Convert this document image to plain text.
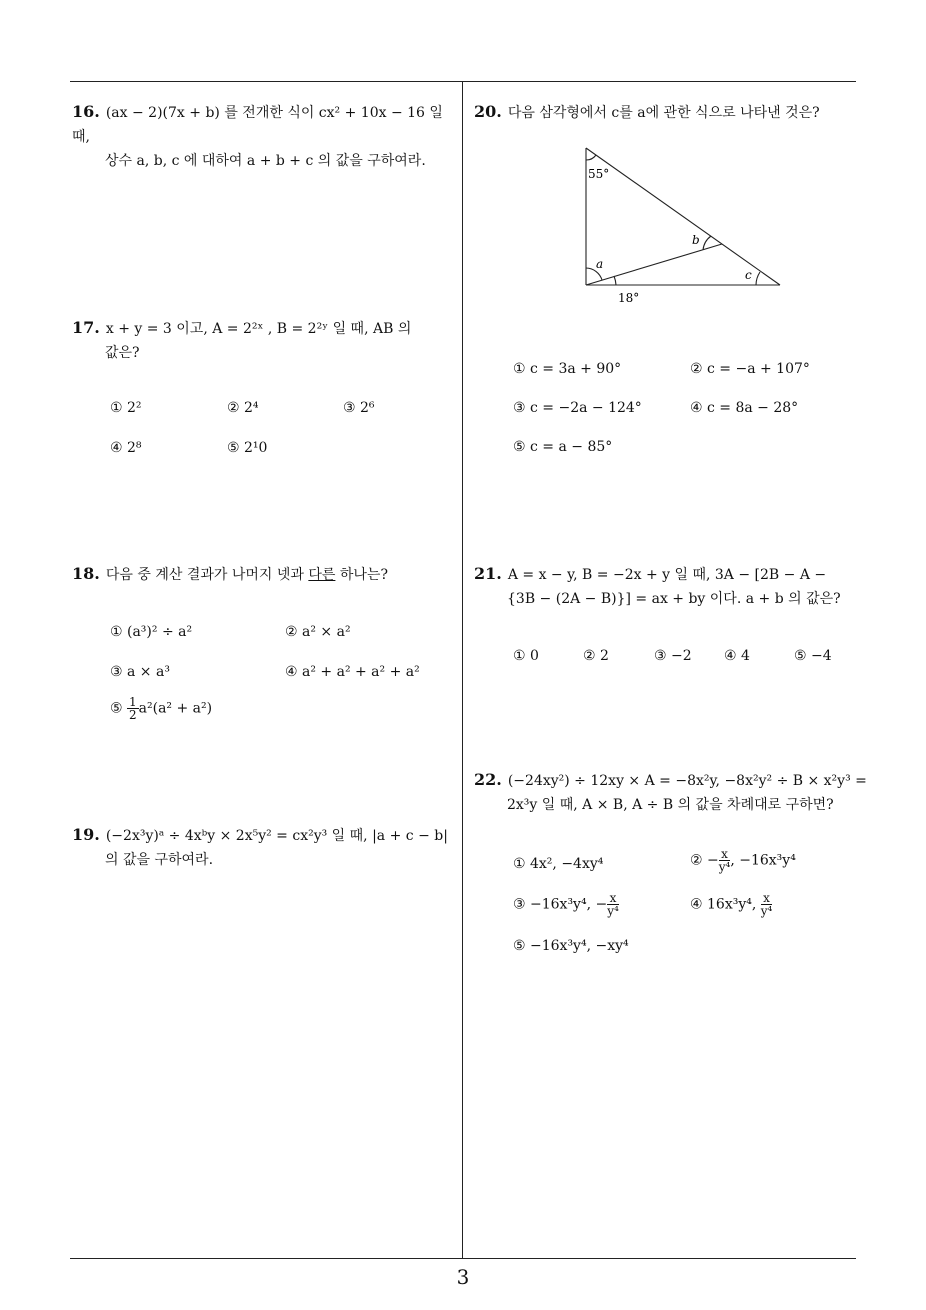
16. (ax − 2)(7x + b) 를 전개한 식이 cx² + 10x − 16 일 때,
상수 a, b, c 에 대하여 a + b + c 의 값을 구하여라.
17. x + y = 3 이고, A = 2²ˣ , B = 2²ʸ 일 때, AB 의
값은?
① 2²	② 2⁴	③ 2⁶
④ 2⁸	⑤ 2¹0
18. 다음 중 계산 결과가 나머지 넷과 다른 하나는?
① (a³)² ÷ a²	② a² × a²
③ a × a³	④ a² + a² + a² + a²
⑤ $\frac{1}{2} a^2(a^2 + a^2)$
19. (−2x³y)ᵃ ÷ 4xᵇy × 2x⁵y² = cx²y³ 일 때, |a + c − b|
의 값을 구하여라.
20. 다음 삼각형에서 c를 a에 관한 식으로 나타낸 것은?
55°
b
a
c
18°
① c = 3a + 90°	② c = −a + 107°
③ c = −2a − 124°	④ c = 8a − 28°
⑤ c = a − 85°
21. A = x − y, B = −2x + y 일 때, 3A − [2B − A −
{3B − (2A − B)}] = ax + by 이다. a + b 의 값은?
① 0	② 2	③ −2 ④ 4	⑤ −4
22. (−24xy²) ÷ 12xy × A = −8x²y, −8x²y² ÷ B × x²y³ =
2x³y 일 때, A × B, A ÷ B 의 값을 차례대로 구하면?
① 4x², −4xy⁴	② − $\frac{x}{\text{y⁴}}$ , −16x³y⁴
③ −16x³y⁴, − $\frac{x}{\text{y⁴}}$	④ 16x³y⁴, $\frac{x}{\text{y⁴}}$
⑤ −16x³y⁴, −xy⁴
3
